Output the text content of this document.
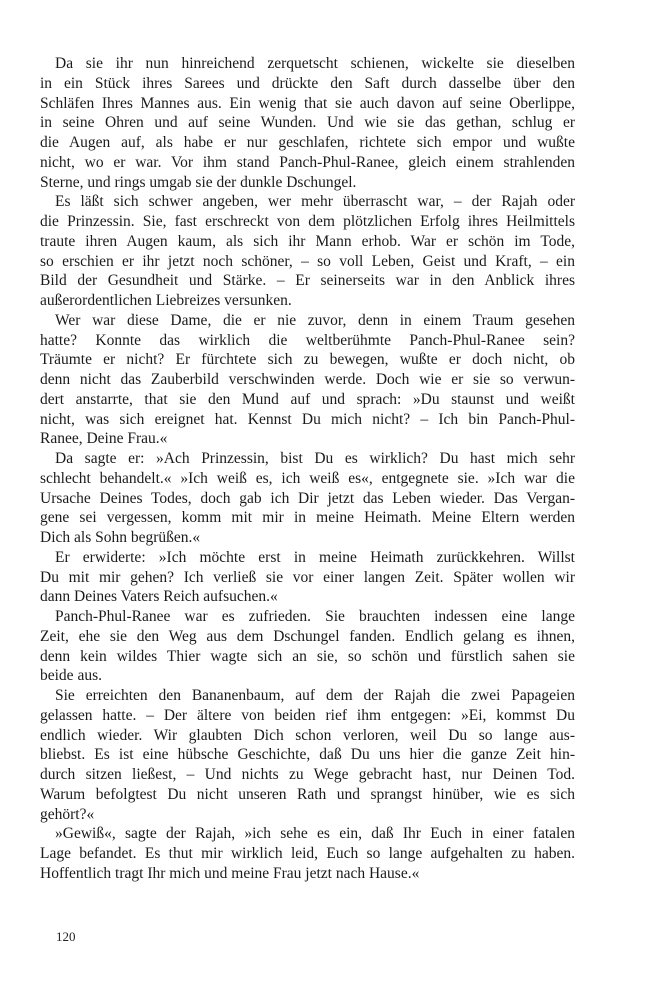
Da sie ihr nun hinreichend zerquetscht schienen, wickelte sie dieselben
in ein Stück ihres Sarees und drückte den Saft durch dasselbe über den
Schläfen Ihres Mannes aus. Ein wenig that sie auch davon auf seine Oberlippe,
in seine Ohren und auf seine Wunden. Und wie sie das gethan, schlug er
die Augen auf, als habe er nur geschlafen, richtete sich empor und wußte
nicht, wo er war. Vor ihm stand Panch-Phul-Ranee, gleich einem strahlenden
Sterne, und rings umgab sie der dunkle Dschungel.
Es läßt sich schwer angeben, wer mehr überrascht war, – der Rajah oder
die Prinzessin. Sie, fast erschreckt von dem plötzlichen Erfolg ihres Heilmittels
traute ihren Augen kaum, als sich ihr Mann erhob. War er schön im Tode,
so erschien er ihr jetzt noch schöner, – so voll Leben, Geist und Kraft, – ein
Bild der Gesundheit und Stärke. – Er seinerseits war in den Anblick ihres
außerordentlichen Liebreizes versunken.
Wer war diese Dame, die er nie zuvor, denn in einem Traum gesehen
hatte? Konnte das wirklich die weltberühmte Panch-Phul-Ranee sein?
Träumte er nicht? Er fürchtete sich zu bewegen, wußte er doch nicht, ob
denn nicht das Zauberbild verschwinden werde. Doch wie er sie so verwun-
dert anstarrte, that sie den Mund auf und sprach: »Du staunst und weißt
nicht, was sich ereignet hat. Kennst Du mich nicht? – Ich bin Panch-Phul-
Ranee, Deine Frau.«
Da sagte er: »Ach Prinzessin, bist Du es wirklich? Du hast mich sehr
schlecht behandelt.« »Ich weiß es, ich weiß es«, entgegnete sie. »Ich war die
Ursache Deines Todes, doch gab ich Dir jetzt das Leben wieder. Das Vergan-
gene sei vergessen, komm mit mir in meine Heimath. Meine Eltern werden
Dich als Sohn begrüßen.«
Er erwiderte: »Ich möchte erst in meine Heimath zurückkehren. Willst
Du mit mir gehen? Ich verließ sie vor einer langen Zeit. Später wollen wir
dann Deines Vaters Reich aufsuchen.«
Panch-Phul-Ranee war es zufrieden. Sie brauchten indessen eine lange
Zeit, ehe sie den Weg aus dem Dschungel fanden. Endlich gelang es ihnen,
denn kein wildes Thier wagte sich an sie, so schön und fürstlich sahen sie
beide aus.
Sie erreichten den Bananenbaum, auf dem der Rajah die zwei Papageien
gelassen hatte. – Der ältere von beiden rief ihm entgegen: »Ei, kommst Du
endlich wieder. Wir glaubten Dich schon verloren, weil Du so lange aus-
bliebst. Es ist eine hübsche Geschichte, daß Du uns hier die ganze Zeit hin-
durch sitzen ließest, – Und nichts zu Wege gebracht hast, nur Deinen Tod.
Warum befolgtest Du nicht unseren Rath und sprangst hinüber, wie es sich
gehört?«
»Gewiß«, sagte der Rajah, »ich sehe es ein, daß Ihr Euch in einer fatalen
Lage befandet. Es thut mir wirklich leid, Euch so lange aufgehalten zu haben.
Hoffentlich tragt Ihr mich und meine Frau jetzt nach Hause.«
120
